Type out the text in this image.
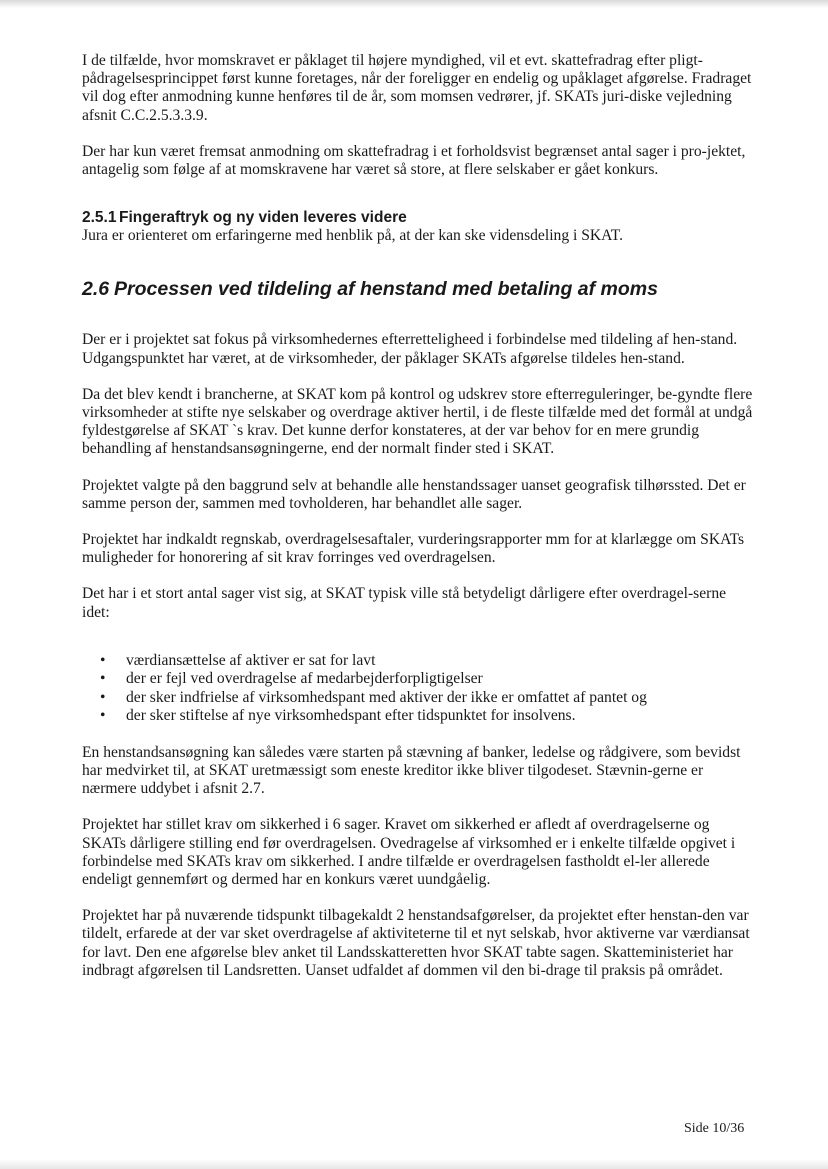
I de tilfælde, hvor momskravet er påklaget til højere myndighed, vil et evt. skattefradrag efter pligt-pådragelsesprincippet først kunne foretages, når der foreligger en endelig og upåklaget afgørelse. Fradraget vil dog efter anmodning kunne henføres til de år, som momsen vedrører, jf. SKATs juri-diske vejledning afsnit C.C.2.5.3.3.9.

Der har kun været fremsat anmodning om skattefradrag i et forholdsvist begrænset antal sager i pro-jektet, antagelig som følge af at momskravene har været så store, at flere selskaber er gået konkurs.

2.5.1 Fingeraftryk og ny viden leveres videre

Jura er orienteret om erfaringerne med henblik på, at der kan ske vidensdeling i SKAT.

2.6 Processen ved tildeling af henstand med betaling af moms

Der er i projektet sat fokus på virksomhedernes efterretteligheed i forbindelse med tildeling af hen-stand. Udgangspunktet har været, at de virksomheder, der påklager SKATs afgørelse tildeles hen-stand.

Da det blev kendt i brancherne, at SKAT kom på kontrol og udskrev store efterreguleringer, be-gyndte flere virksomheder at stifte nye selskaber og overdrage aktiver hertil, i de fleste tilfælde med det formål at undgå fyldestgørelse af SKAT `s krav. Det kunne derfor konstateres, at der var behov for en mere grundig behandling af henstandsansøgningerne, end der normalt finder sted i SKAT.

Projektet valgte på den baggrund selv at behandle alle henstandssager uanset geografisk tilhørssted. Det er samme person der, sammen med tovholderen, har behandlet alle sager.

Projektet har indkaldt regnskab, overdragelsesaftaler, vurderingsrapporter mm for at klarlægge om SKATs muligheder for honorering af sit krav forringes ved overdragelsen.

Det har i et stort antal sager vist sig, at SKAT typisk ville stå betydeligt dårligere efter overdragel-serne idet:

• værdiansættelse af aktiver er sat for lavt
• der er fejl ved overdragelse af medarbejderforpligtigelser
• der sker indfrielse af virksomhedspant med aktiver der ikke er omfattet af pantet og
• der sker stiftelse af nye virksomhedspant efter tidspunktet for insolvens.

En henstandsansøgning kan således være starten på stævning af banker, ledelse og rådgivere, som bevidst har medvirket til, at SKAT uretmæssigt som eneste kreditor ikke bliver tilgodeset. Stævnin-gerne er nærmere uddybet i afsnit 2.7.

Projektet har stillet krav om sikkerhed i 6 sager. Kravet om sikkerhed er afledt af overdragelserne og SKATs dårligere stilling end før overdragelsen. Ovedragelse af virksomhed er i enkelte tilfælde opgivet i forbindelse med SKATs krav om sikkerhed. I andre tilfælde er overdragelsen fastholdt el-ler allerede endeligt gennemført og dermed har en konkurs været uundgåelig.

Projektet har på nuværende tidspunkt tilbagekaldt 2 henstandsafgørelser, da projektet efter henstan-den var tildelt, erfarede at der var sket overdragelse af aktiviteterne til et nyt selskab, hvor aktiverne var værdiansat for lavt. Den ene afgørelse blev anket til Landsskatteretten hvor SKAT tabte sagen. Skatteministeriet har indbragt afgørelsen til Landsretten. Uanset udfaldet af dommen vil den bi-drage til praksis på området.

Side 10/36
